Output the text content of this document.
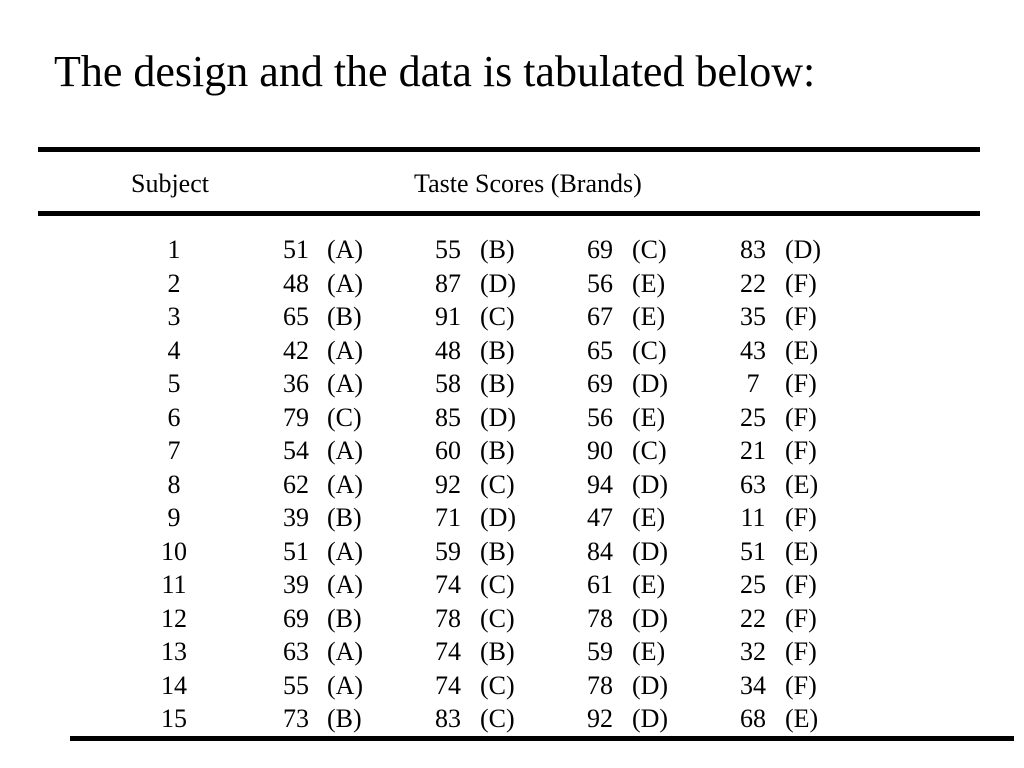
The design and the data is tabulated below:
Subject	Taste Scores (Brands)
1	51 (A)	55 (B)	69 (C)	83 (D)
2	48 (A)	87 (D)	56 (E)	22 (F)
3	65 (B)	91 (C)	67 (E)	35 (F)
4	42 (A)	48 (B)	65 (C)	43 (E)
5	36 (A)	58 (B)	69 (D)	7 (F)
6	79 (C)	85 (D)	56 (E)	25 (F)
7	54 (A)	60 (B)	90 (C)	21 (F)
8	62 (A)	92 (C)	94 (D)	63 (E)
9	39 (B)	71 (D)	47 (E)	11 (F)
10	51 (A)	59 (B)	84 (D)	51 (E)
11	39 (A)	74 (C)	61 (E)	25 (F)
12	69 (B)	78 (C)	78 (D)	22 (F)
13	63 (A)	74 (B)	59 (E)	32 (F)
14	55 (A)	74 (C)	78 (D)	34 (F)
15	73 (B)	83 (C)	92 (D)	68 (E)
